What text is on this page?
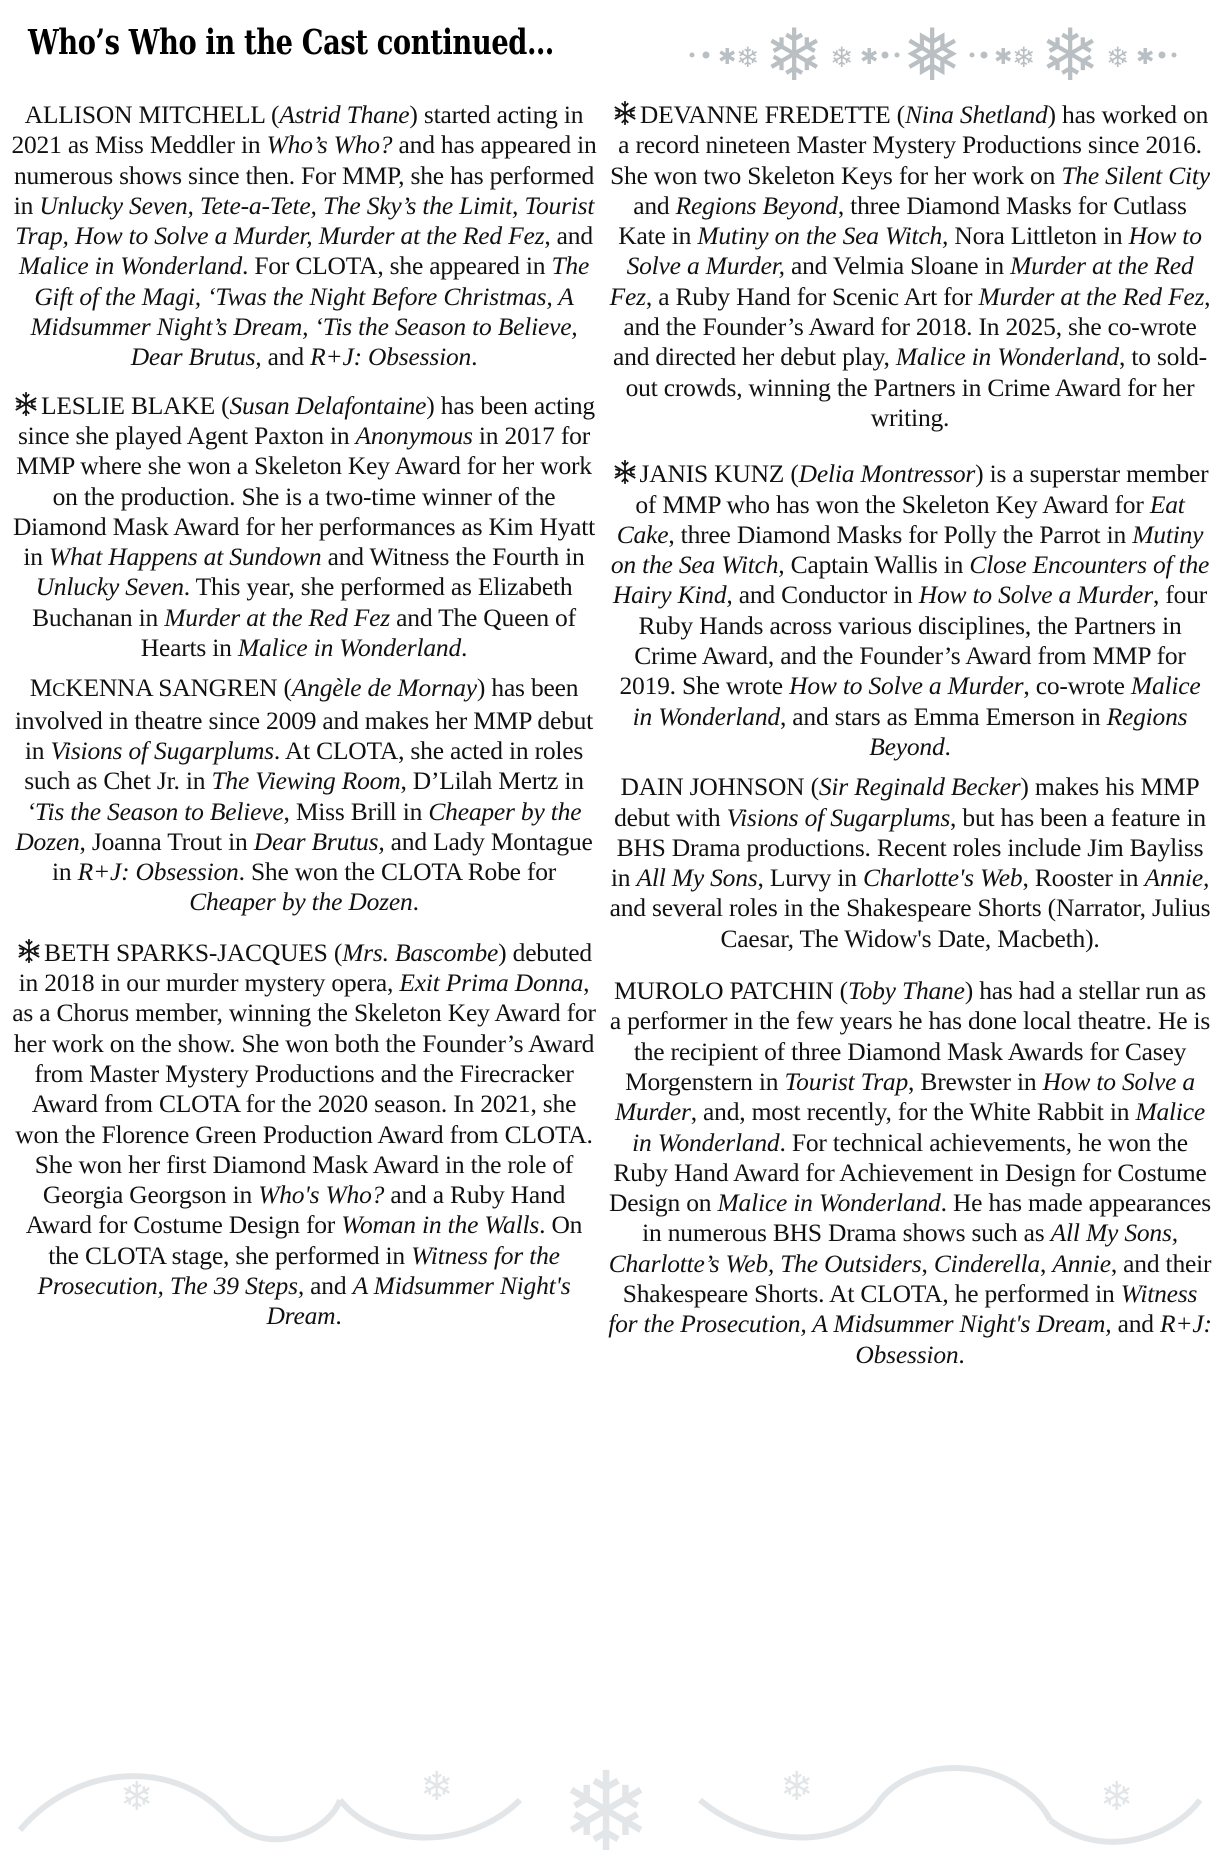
Who’s Who in the Cast continued…	✱ ❄ ❄ ❄ ✱ ❅ ✱ ❄ ❄ ❄ ✱
❄
❄	❄	❄	❄

ALLISON MITCHELL (Astrid Thane) started acting in 2021 as Miss Meddler in Who’s Who? and has appeared in numerous shows since then. For MMP, she has performed in Unlucky Seven, Tete-a-Tete, The Sky’s the Limit, Tourist Trap, How to Solve a Murder, Murder at the Red Fez, and Malice in Wonderland. For CLOTA, she appeared in The Gift of the Magi, ‘Twas the Night Before Christmas, A Midsummer Night’s Dream, ‘Tis the Season to Believe, Dear Brutus, and R+J: Obsession.

LESLIE BLAKE (Susan Delafontaine) has been acting since she played Agent Paxton in Anonymous in 2017 for MMP where she won a Skeleton Key Award for her work on the production. She is a two-time winner of the Diamond Mask Award for her performances as Kim Hyatt in What Happens at Sundown and Witness the Fourth in Unlucky Seven. This year, she performed as Elizabeth Buchanan in Murder at the Red Fez and The Queen of Hearts in Malice in Wonderland.

MCKENNA SANGREN (Angèle de Mornay) has been involved in theatre since 2009 and makes her MMP debut in Visions of Sugarplums. At CLOTA, she acted in roles such as Chet Jr. in The Viewing Room, D’Lilah Mertz in ‘Tis the Season to Believe, Miss Brill in Cheaper by the Dozen, Joanna Trout in Dear Brutus, and Lady Montague in R+J: Obsession. She won the CLOTA Robe for Cheaper by the Dozen.

BETH SPARKS-JACQUES (Mrs. Bascombe) debuted in 2018 in our murder mystery opera, Exit Prima Donna, as a Chorus member, winning the Skeleton Key Award for her work on the show. She won both the Founder’s Award from Master Mystery Productions and the Firecracker Award from CLOTA for the 2020 season. In 2021, she won the Florence Green Production Award from CLOTA. She won her first Diamond Mask Award in the role of Georgia Georgson in Who's Who? and a Ruby Hand Award for Costume Design for Woman in the Walls. On the CLOTA stage, she performed in Witness for the Prosecution, The 39 Steps, and A Midsummer Night's Dream.

DEVANNE FREDETTE (Nina Shetland) has worked on a record nineteen Master Mystery Productions since 2016. She won two Skeleton Keys for her work on The Silent City and Regions Beyond, three Diamond Masks for Cutlass Kate in Mutiny on the Sea Witch, Nora Littleton in How to Solve a Murder, and Velmia Sloane in Murder at the Red Fez, a Ruby Hand for Scenic Art for Murder at the Red Fez, and the Founder’s Award for 2018. In 2025, she co-wrote and directed her debut play, Malice in Wonderland, to sold-out crowds, winning the Partners in Crime Award for her writing.

JANIS KUNZ (Delia Montressor) is a superstar member of MMP who has won the Skeleton Key Award for Eat Cake, three Diamond Masks for Polly the Parrot in Mutiny on the Sea Witch, Captain Wallis in Close Encounters of the Hairy Kind, and Conductor in How to Solve a Murder, four Ruby Hands across various disciplines, the Partners in Crime Award, and the Founder’s Award from MMP for 2019. She wrote How to Solve a Murder, co-wrote Malice in Wonderland, and stars as Emma Emerson in Regions Beyond.

DAIN JOHNSON (Sir Reginald Becker) makes his MMP debut with Visions of Sugarplums, but has been a feature in BHS Drama productions. Recent roles include Jim Bayliss in All My Sons, Lurvy in Charlotte's Web, Rooster in Annie, and several roles in the Shakespeare Shorts (Narrator, Julius Caesar, The Widow's Date, Macbeth).

MUROLO PATCHIN (Toby Thane) has had a stellar run as a performer in the few years he has done local theatre. He is the recipient of three Diamond Mask Awards for Casey Morgenstern in Tourist Trap, Brewster in How to Solve a Murder, and, most recently, for the White Rabbit in Malice in Wonderland. For technical achievements, he won the Ruby Hand Award for Achievement in Design for Costume Design on Malice in Wonderland. He has made appearances in numerous BHS Drama shows such as All My Sons, Charlotte’s Web, The Outsiders, Cinderella, Annie, and their Shakespeare Shorts. At CLOTA, he performed in Witness for the Prosecution, A Midsummer Night's Dream, and R+J: Obsession.
